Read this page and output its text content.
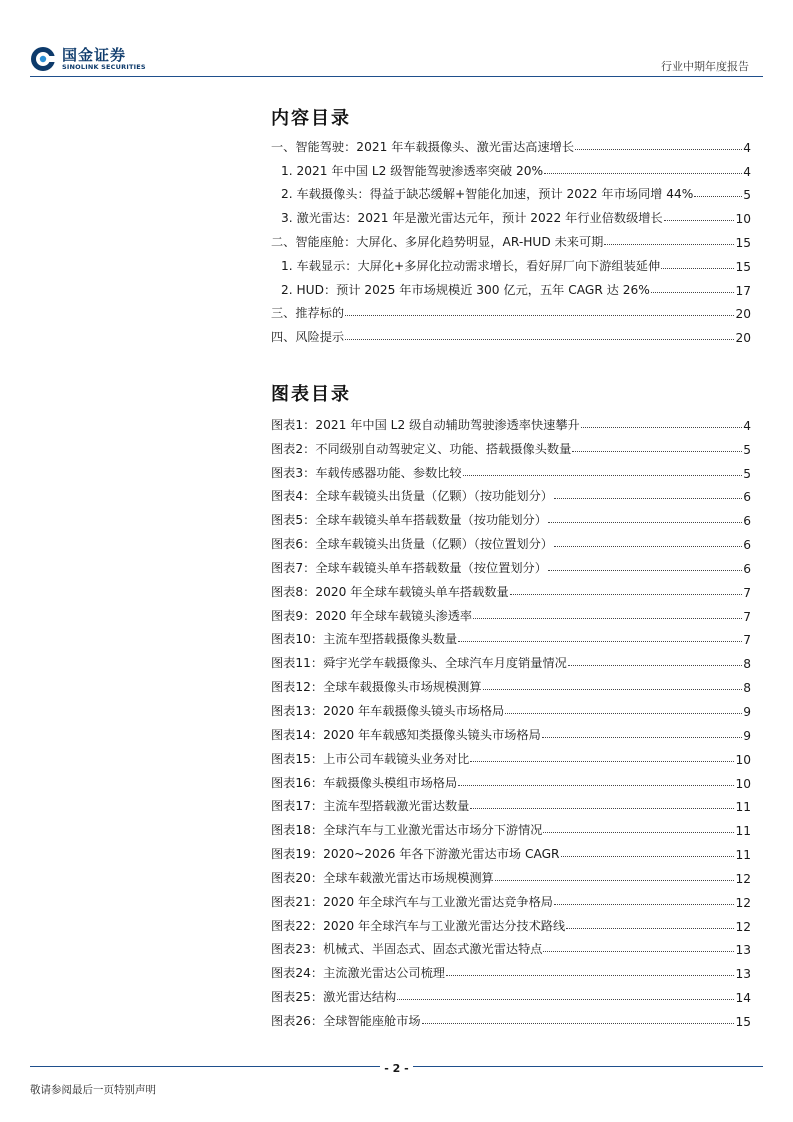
国金证券
SINOLINK SECURITIES	行业中期年度报告
内容目录
一、智能驾驶：2021 年车载摄像头、激光雷达高速增长	4
1. 2021 年中国 L2 级智能驾驶渗透率突破 20%	4
2. 车载摄像头：得益于缺芯缓解+智能化加速，预计 2022 年市场同增 44%	5
3. 激光雷达：2021 年是激光雷达元年，预计 2022 年行业倍数级增长	10
二、智能座舱：大屏化、多屏化趋势明显，AR-HUD 未来可期	15
1. 车载显示：大屏化+多屏化拉动需求增长，看好屏厂向下游组装延伸	15
2. HUD：预计 2025 年市场规模近 300 亿元，五年 CAGR 达 26%	17
三、推荐标的	20
四、风险提示	20
图表目录
图表1： 2021 年中国 L2 级自动辅助驾驶渗透率快速攀升	4
图表2： 不同级别自动驾驶定义、功能、搭载摄像头数量	5
图表3： 车载传感器功能、参数比较	5
图表4： 全球车载镜头出货量（亿颗）（按功能划分）	6
图表5： 全球车载镜头单车搭载数量（按功能划分）	6
图表6： 全球车载镜头出货量（亿颗）（按位置划分）	6
图表7： 全球车载镜头单车搭载数量（按位置划分）	6
图表8： 2020 年全球车载镜头单车搭载数量	7
图表9： 2020 年全球车载镜头渗透率	7
图表10： 主流车型搭载摄像头数量	7
图表11： 舜宇光学车载摄像头、全球汽车月度销量情况	8
图表12： 全球车载摄像头市场规模测算	8
图表13： 2020 年车载摄像头镜头市场格局	9
图表14： 2020 年车载感知类摄像头镜头市场格局	9
图表15： 上市公司车载镜头业务对比	10
图表16： 车载摄像头模组市场格局	10
图表17： 主流车型搭载激光雷达数量	11
图表18： 全球汽车与工业激光雷达市场分下游情况	11
图表19： 2020~2026 年各下游激光雷达市场 CAGR	11
图表20： 全球车载激光雷达市场规模测算	12
图表21： 2020 年全球汽车与工业激光雷达竞争格局	12
图表22： 2020 年全球汽车与工业激光雷达分技术路线	12
图表23： 机械式、半固态式、固态式激光雷达特点	13
图表24： 主流激光雷达公司梳理	13
图表25： 激光雷达结构	14
图表26： 全球智能座舱市场	15
- 2 -
敬请参阅最后一页特别声明
